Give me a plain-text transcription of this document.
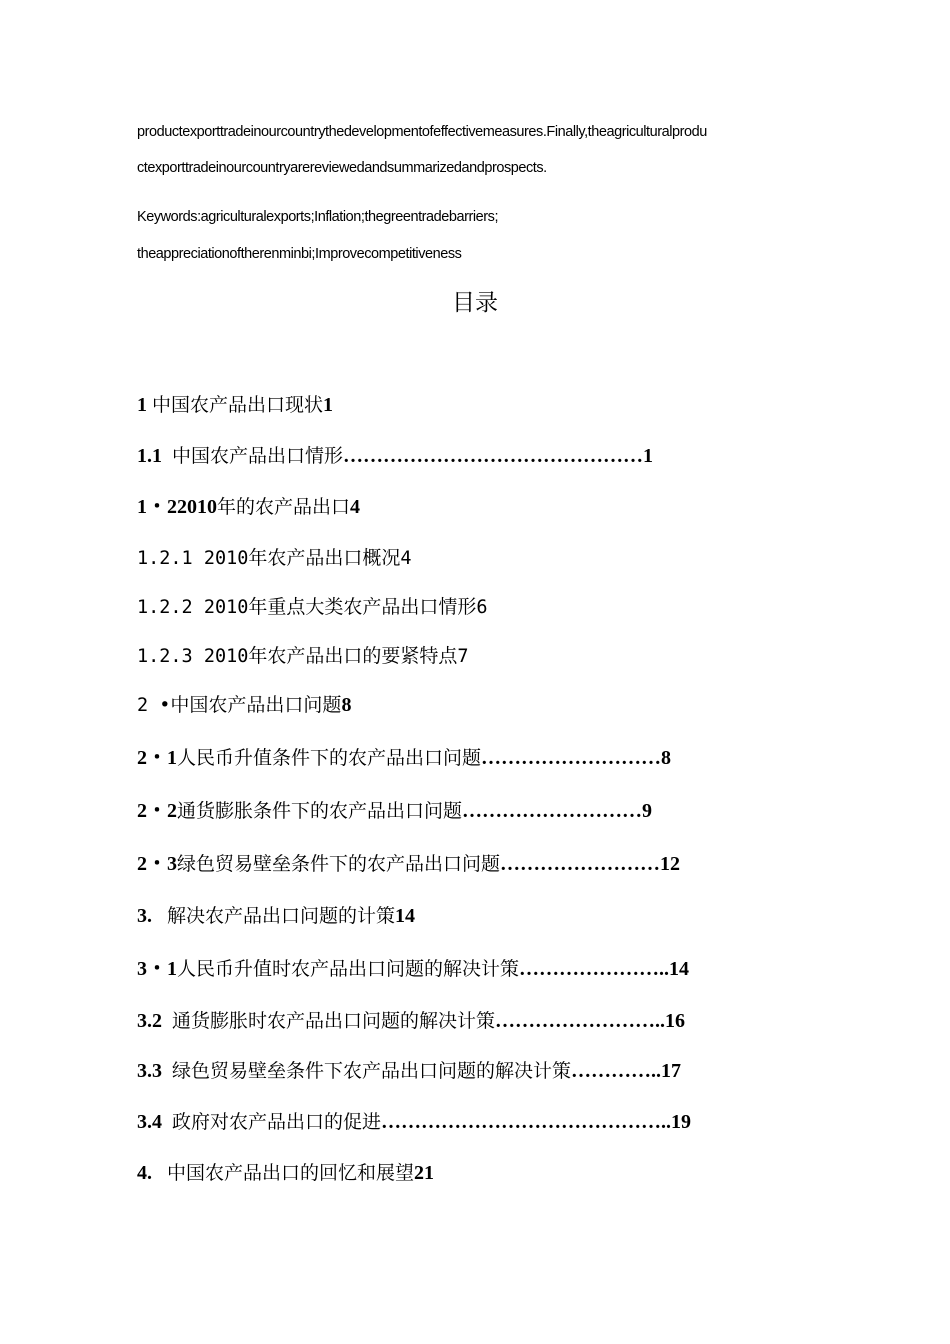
productexporttradeinourcountrythedevelopmentofeffectivemeasures.Finally,theagriculturalprodu
ctexporttradeinourcountryarereviewedandsummarizedandprospects.
Keywords:agriculturalexports;Inflation;thegreentradebarriers;
theappreciationoftherenminbi;Improvecompetitiveness
目录
1 中国农产品出口现状1
1.1 中国农产品出口情形………………………………………1
1・22010年的农产品出口4
1.2.1 2010年农产品出口概况4
1.2.2 2010年重点大类农产品出口情形6
1.2.3 2010年农产品出口的要紧特点7
2 •中国农产品出口问题8
2・1人民币升值条件下的农产品出口问题………………………8
2・2通货膨胀条件下的农产品出口问题………………………9
2・3绿色贸易壁垒条件下的农产品出口问题……………………12
3. 解决农产品出口问题的计策14
3・1人民币升值时农产品出口问题的解决计策…………………..14
3.2 通货膨胀时农产品出口问题的解决计策……………………..16
3.3 绿色贸易壁垒条件下农产品出口问题的解决计策…………..17
3.4 政府对农产品出口的促进……………………………………..19
4. 中国农产品出口的回忆和展望21
